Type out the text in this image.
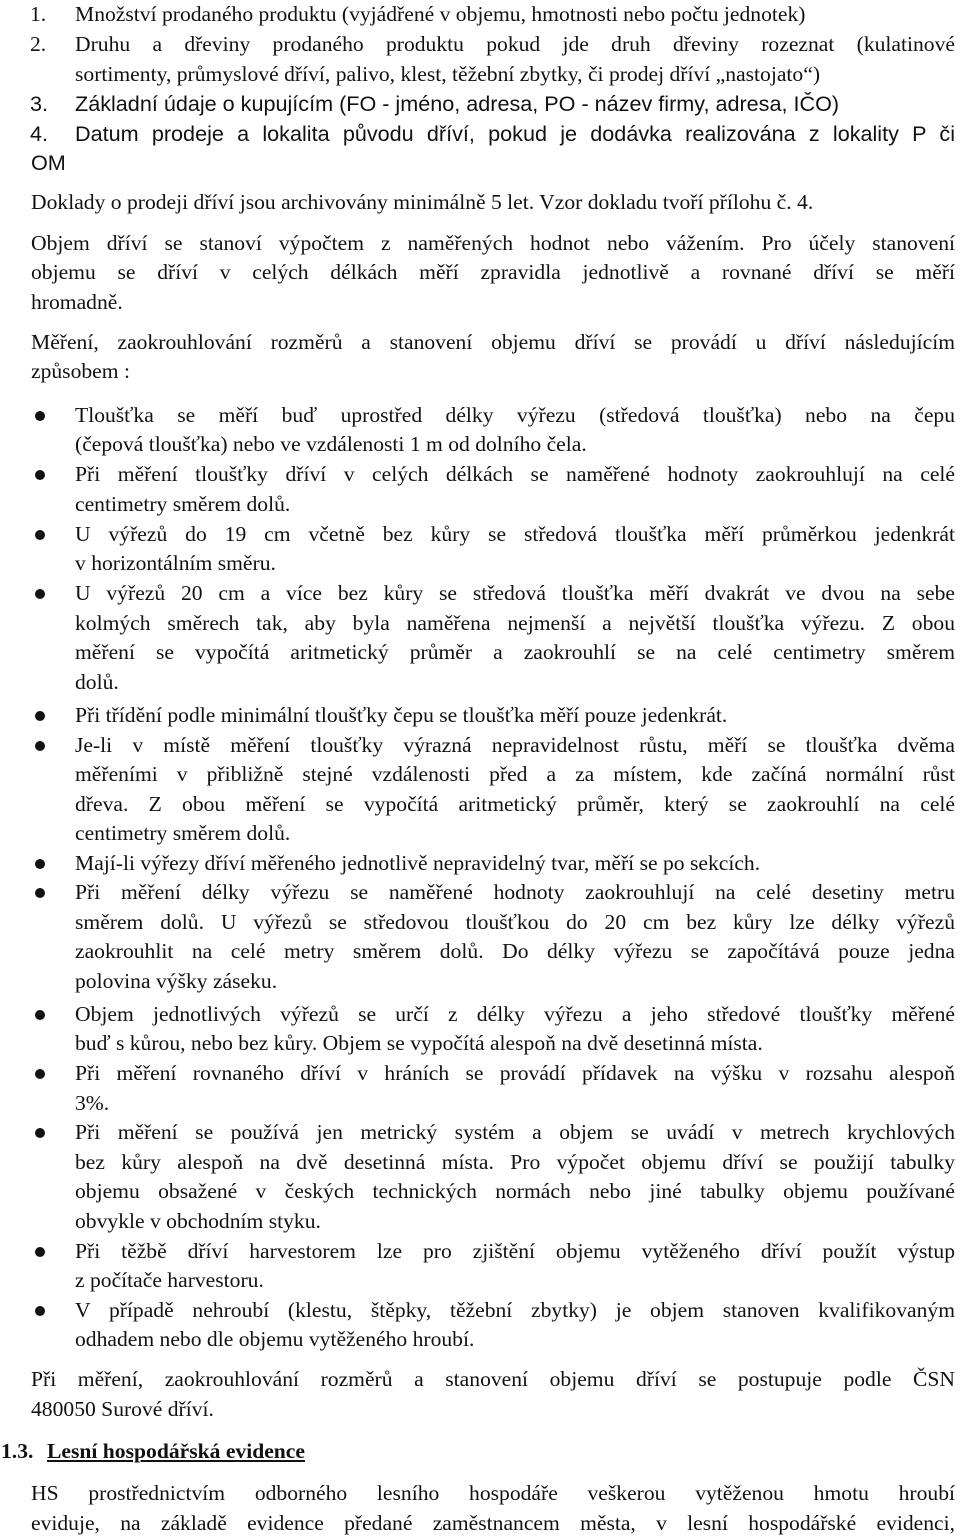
1. Množství prodaného produktu (vyjádřené v objemu, hmotnosti nebo počtu jednotek)
2. Druhu a dřeviny prodaného produktu pokud jde druh dřeviny rozeznat (kulatinové
sortimenty, průmyslové dříví, palivo, klest, těžební zbytky, či prodej dříví „nastojato“)
3. Základní údaje o kupujícím (FO - jméno, adresa, PO - název firmy, adresa, IČO)
4. Datum prodeje a lokalita původu dříví, pokud je dodávka realizována z lokality P či
OM
Doklady o prodeji dříví jsou archivovány minimálně 5 let. Vzor dokladu tvoří přílohu č. 4.
Objem dříví se stanoví výpočtem z naměřených hodnot nebo vážením. Pro účely stanovení
objemu se dříví v celých délkách měří zpravidla jednotlivě a rovnané dříví se měří
hromadně.
Měření, zaokrouhlování rozměrů a stanovení objemu dříví se provádí u dříví následujícím
způsobem :
Tloušťka se měří buď uprostřed délky výřezu (středová tloušťka) nebo na čepu
(čepová tloušťka) nebo ve vzdálenosti 1 m od dolního čela.
Při měření tloušťky dříví v celých délkách se naměřené hodnoty zaokrouhlují na celé
centimetry směrem dolů.
U výřezů do 19 cm včetně bez kůry se středová tloušťka měří průměrkou jedenkrát
v horizontálním směru.
U výřezů 20 cm a více bez kůry se středová tloušťka měří dvakrát ve dvou na sebe
kolmých směrech tak, aby byla naměřena nejmenší a největší tloušťka výřezu. Z obou
měření se vypočítá aritmetický průměr a zaokrouhlí se na celé centimetry směrem
dolů.
Při třídění podle minimální tloušťky čepu se tloušťka měří pouze jedenkrát.
Je-li v místě měření tloušťky výrazná nepravidelnost růstu, měří se tloušťka dvěma
měřeními v přibližně stejné vzdálenosti před a za místem, kde začíná normální růst
dřeva. Z obou měření se vypočítá aritmetický průměr, který se zaokrouhlí na celé
centimetry směrem dolů.
Mají-li výřezy dříví měřeného jednotlivě nepravidelný tvar, měří se po sekcích.
Při měření délky výřezu se naměřené hodnoty zaokrouhlují na celé desetiny metru
směrem dolů. U výřezů se středovou tloušťkou do 20 cm bez kůry lze délky výřezů
zaokrouhlit na celé metry směrem dolů. Do délky výřezu se započítává pouze jedna
polovina výšky záseku.
Objem jednotlivých výřezů se určí z délky výřezu a jeho středové tloušťky měřené
buď s kůrou, nebo bez kůry. Objem se vypočítá alespoň na dvě desetinná místa.
Při měření rovnaného dříví v hráních se provádí přídavek na výšku v rozsahu alespoň
3%.
Při měření se používá jen metrický systém a objem se uvádí v metrech krychlových
bez kůry alespoň na dvě desetinná místa. Pro výpočet objemu dříví se použijí tabulky
objemu obsažené v českých technických normách nebo jiné tabulky objemu používané
obvykle v obchodním styku.
Při těžbě dříví harvestorem lze pro zjištění objemu vytěženého dříví použít výstup
z počítače harvestoru.
V případě nehroubí (klestu, štěpky, těžební zbytky) je objem stanoven kvalifikovaným
odhadem nebo dle objemu vytěženého hroubí.
Při měření, zaokrouhlování rozměrů a stanovení objemu dříví se postupuje podle ČSN
480050 Surové dříví.
1.3. Lesní hospodářská evidence
HS prostřednictvím odborného lesního hospodáře veškerou vytěženou hmotu hroubí
eviduje, na základě evidence předané zaměstnancem města, v lesní hospodářské evidenci,
